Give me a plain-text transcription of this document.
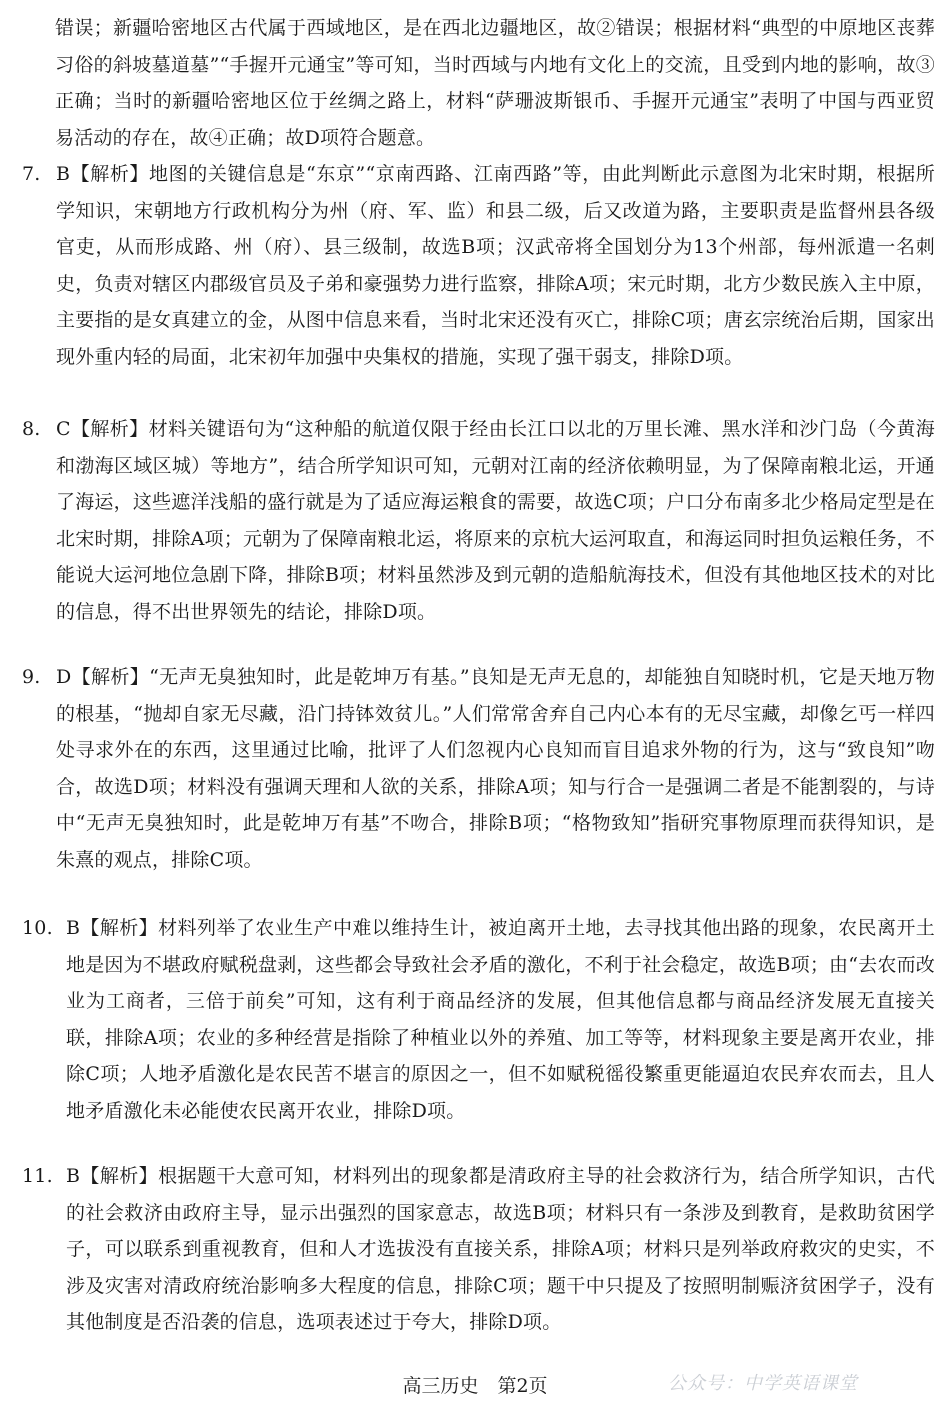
错误；新疆哈密地区古代属于西域地区，是在西北边疆地区，故②错误；根据材料“典型的中原地区丧葬习俗的斜坡墓道墓”“手握开元通宝”等可知，当时西域与内地有文化上的交流，且受到内地的影响，故③正确；当时的新疆哈密地区位于丝绸之路上，材料“萨珊波斯银币、手握开元通宝”表明了中国与西亚贸易活动的存在，故④正确；故D项符合题意。
7. B【解析】地图的关键信息是“东京”“京南西路、江南西路”等，由此判断此示意图为北宋时期，根据所学知识，宋朝地方行政机构分为州（府、军、监）和县二级，后又改道为路，主要职责是监督州县各级官吏，从而形成路、州（府）、县三级制，故选B项；汉武帝将全国划分为13个州部，每州派遣一名刺史，负责对辖区内郡级官员及子弟和豪强势力进行监察，排除A项；宋元时期，北方少数民族入主中原，主要指的是女真建立的金，从图中信息来看，当时北宋还没有灭亡，排除C项；唐玄宗统治后期，国家出现外重内轻的局面，北宋初年加强中央集权的措施，实现了强干弱支，排除D项。
8. C【解析】材料关键语句为“这种船的航道仅限于经由长江口以北的万里长滩、黑水洋和沙门岛（今黄海和渤海区域区城）等地方”，结合所学知识可知，元朝对江南的经济依赖明显，为了保障南粮北运，开通了海运，这些遮洋浅船的盛行就是为了适应海运粮食的需要，故选C项；户口分布南多北少格局定型是在北宋时期，排除A项；元朝为了保障南粮北运，将原来的京杭大运河取直，和海运同时担负运粮任务，不能说大运河地位急剧下降，排除B项；材料虽然涉及到元朝的造船航海技术，但没有其他地区技术的对比的信息，得不出世界领先的结论，排除D项。
9. D【解析】“无声无臭独知时，此是乾坤万有基。”良知是无声无息的，却能独自知晓时机，它是天地万物的根基，“抛却自家无尽藏，沿门持钵效贫儿。”人们常常舍弃自己内心本有的无尽宝藏，却像乞丐一样四处寻求外在的东西，这里通过比喻，批评了人们忽视内心良知而盲目追求外物的行为，这与“致良知”吻合，故选D项；材料没有强调天理和人欲的关系，排除A项；知与行合一是强调二者是不能割裂的，与诗中“无声无臭独知时，此是乾坤万有基”不吻合，排除B项；“格物致知”指研究事物原理而获得知识，是朱熹的观点，排除C项。
10. B【解析】材料列举了农业生产中难以维持生计，被迫离开土地，去寻找其他出路的现象，农民离开土地是因为不堪政府赋税盘剥，这些都会导致社会矛盾的激化，不利于社会稳定，故选B项；由“去农而改业为工商者，三倍于前矣”可知，这有利于商品经济的发展，但其他信息都与商品经济发展无直接关联，排除A项；农业的多种经营是指除了种植业以外的养殖、加工等等，材料现象主要是离开农业，排除C项；人地矛盾激化是农民苦不堪言的原因之一，但不如赋税徭役繁重更能逼迫农民弃农而去，且人地矛盾激化未必能使农民离开农业，排除D项。
11. B【解析】根据题干大意可知，材料列出的现象都是清政府主导的社会救济行为，结合所学知识，古代的社会救济由政府主导，显示出强烈的国家意志，故选B项；材料只有一条涉及到教育，是救助贫困学子，可以联系到重视教育，但和人才选拔没有直接关系，排除A项；材料只是列举政府救灾的史实，不涉及灾害对清政府统治影响多大程度的信息，排除C项；题干中只提及了按照明制赈济贫困学子，没有其他制度是否沿袭的信息，选项表述过于夸大，排除D项。
高三历史　第2页	公众号：中学英语课堂
